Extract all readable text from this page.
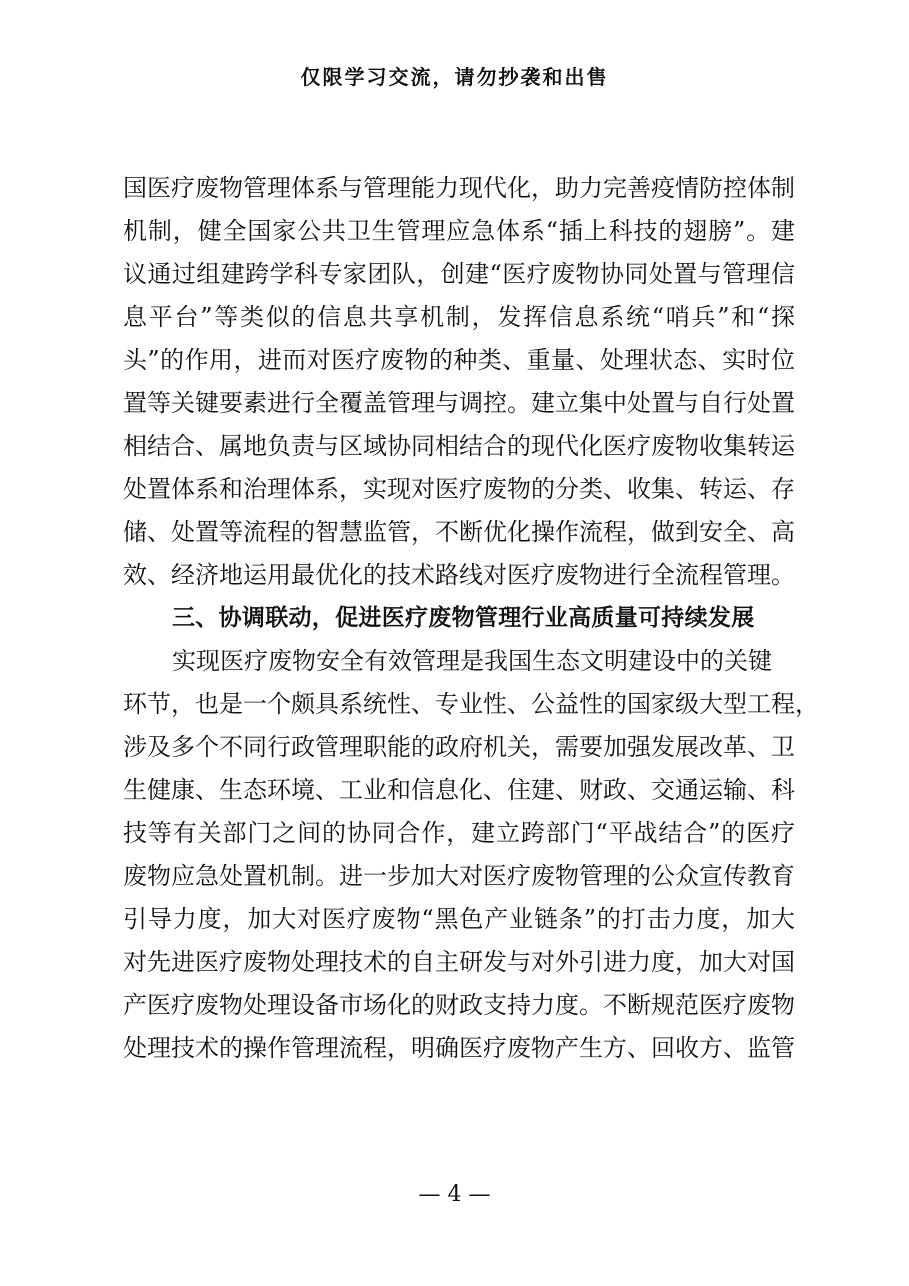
仅限学习交流，请勿抄袭和出售
国医疗废物管理体系与管理能力现代化，助力完善疫情防控体制
机制，健全国家公共卫生管理应急体系“插上科技的翅膀”。建
议通过组建跨学科专家团队，创建“医疗废物协同处置与管理信
息平台”等类似的信息共享机制，发挥信息系统“哨兵”和“探
头”的作用，进而对医疗废物的种类、重量、处理状态、实时位
置等关键要素进行全覆盖管理与调控。建立集中处置与自行处置
相结合、属地负责与区域协同相结合的现代化医疗废物收集转运
处置体系和治理体系，实现对医疗废物的分类、收集、转运、存
储、处置等流程的智慧监管，不断优化操作流程，做到安全、高
效、经济地运用最优化的技术路线对医疗废物进行全流程管理。
三、协调联动，促进医疗废物管理行业高质量可持续发展
实现医疗废物安全有效管理是我国生态文明建设中的关键
环节，也是一个颇具系统性、专业性、公益性的国家级大型工程，
涉及多个不同行政管理职能的政府机关，需要加强发展改革、卫
生健康、生态环境、工业和信息化、住建、财政、交通运输、科
技等有关部门之间的协同合作，建立跨部门“平战结合”的医疗
废物应急处置机制。进一步加大对医疗废物管理的公众宣传教育
引导力度，加大对医疗废物“黑色产业链条”的打击力度，加大
对先进医疗废物处理技术的自主研发与对外引进力度，加大对国
产医疗废物处理设备市场化的财政支持力度。不断规范医疗废物
处理技术的操作管理流程，明确医疗废物产生方、回收方、监管
— 4 —
